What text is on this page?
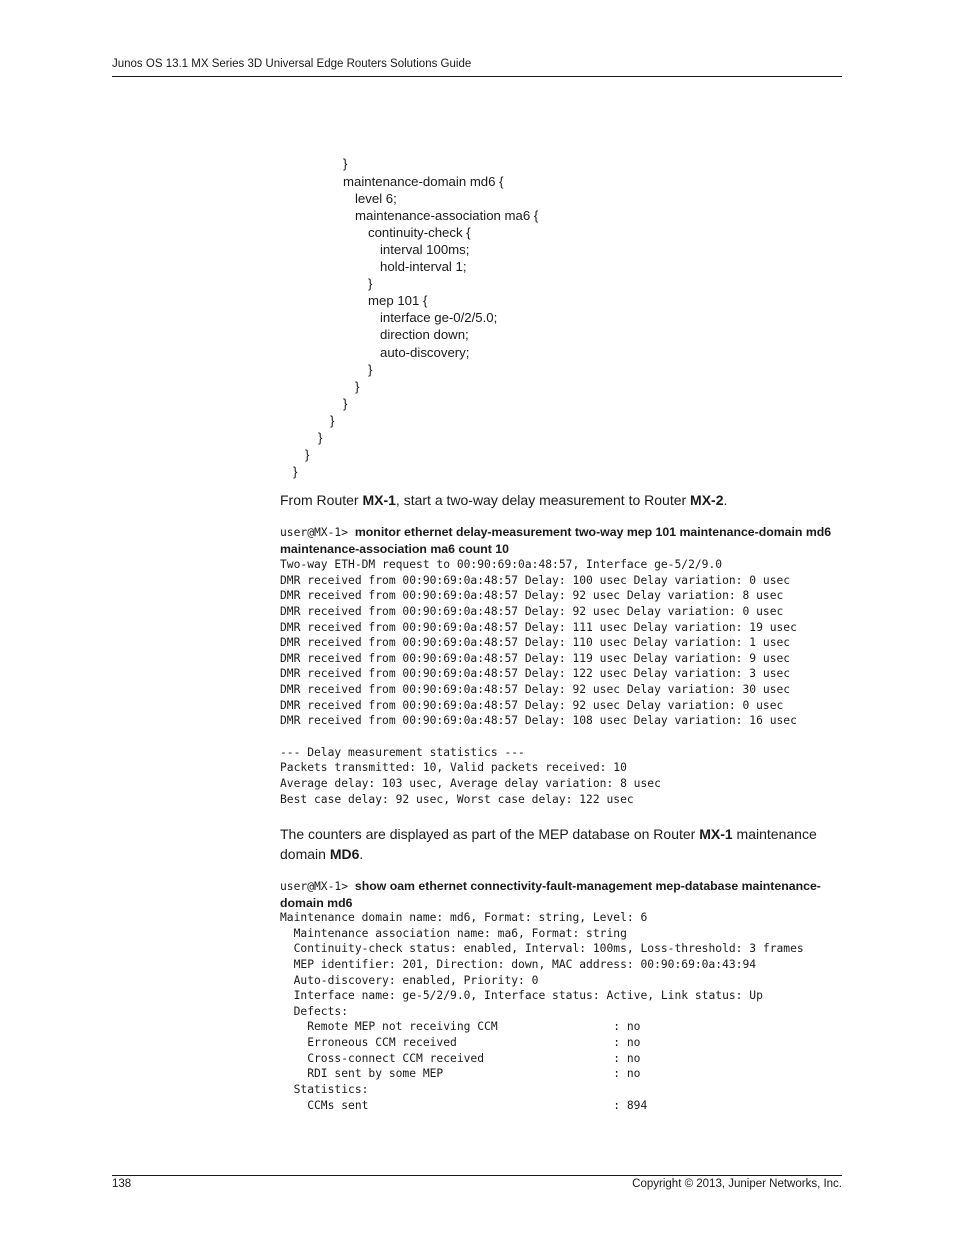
Junos OS 13.1 MX Series 3D Universal Edge Routers Solutions Guide
}
maintenance-domain md6 {
level 6;
maintenance-association ma6 {
continuity-check {
interval 100ms;
hold-interval 1;
}
mep 101 {
interface ge-0/2/5.0;
direction down;
auto-discovery;
}
}
}
}
}
}
}
From Router MX-1, start a two-way delay measurement to Router MX-2.
user@MX-1> monitor ethernet delay-measurement two-way mep 101 maintenance-domain md6 maintenance-association ma6 count 10
Two-way ETH-DM request to 00:90:69:0a:48:57, Interface ge-5/2/9.0
DMR received from 00:90:69:0a:48:57 Delay: 100 usec Delay variation: 0 usec
DMR received from 00:90:69:0a:48:57 Delay: 92 usec Delay variation: 8 usec
DMR received from 00:90:69:0a:48:57 Delay: 92 usec Delay variation: 0 usec
DMR received from 00:90:69:0a:48:57 Delay: 111 usec Delay variation: 19 usec
DMR received from 00:90:69:0a:48:57 Delay: 110 usec Delay variation: 1 usec
DMR received from 00:90:69:0a:48:57 Delay: 119 usec Delay variation: 9 usec
DMR received from 00:90:69:0a:48:57 Delay: 122 usec Delay variation: 3 usec
DMR received from 00:90:69:0a:48:57 Delay: 92 usec Delay variation: 30 usec
DMR received from 00:90:69:0a:48:57 Delay: 92 usec Delay variation: 0 usec
DMR received from 00:90:69:0a:48:57 Delay: 108 usec Delay variation: 16 usec
--- Delay measurement statistics ---
Packets transmitted: 10, Valid packets received: 10
Average delay: 103 usec, Average delay variation: 8 usec
Best case delay: 92 usec, Worst case delay: 122 usec
The counters are displayed as part of the MEP database on Router MX-1 maintenance domain MD6.
user@MX-1> show oam ethernet connectivity-fault-management mep-database maintenance-domain md6
Maintenance domain name: md6, Format: string, Level: 6
Maintenance association name: ma6, Format: string
Continuity-check status: enabled, Interval: 100ms, Loss-threshold: 3 frames
MEP identifier: 201, Direction: down, MAC address: 00:90:69:0a:43:94
Auto-discovery: enabled, Priority: 0
Interface name: ge-5/2/9.0, Interface status: Active, Link status: Up
Defects:
Remote MEP not receiving CCM                 : no
Erroneous CCM received                       : no
Cross-connect CCM received                   : no
RDI sent by some MEP                         : no
Statistics:
CCMs sent                                    : 894
138	Copyright © 2013, Juniper Networks, Inc.
